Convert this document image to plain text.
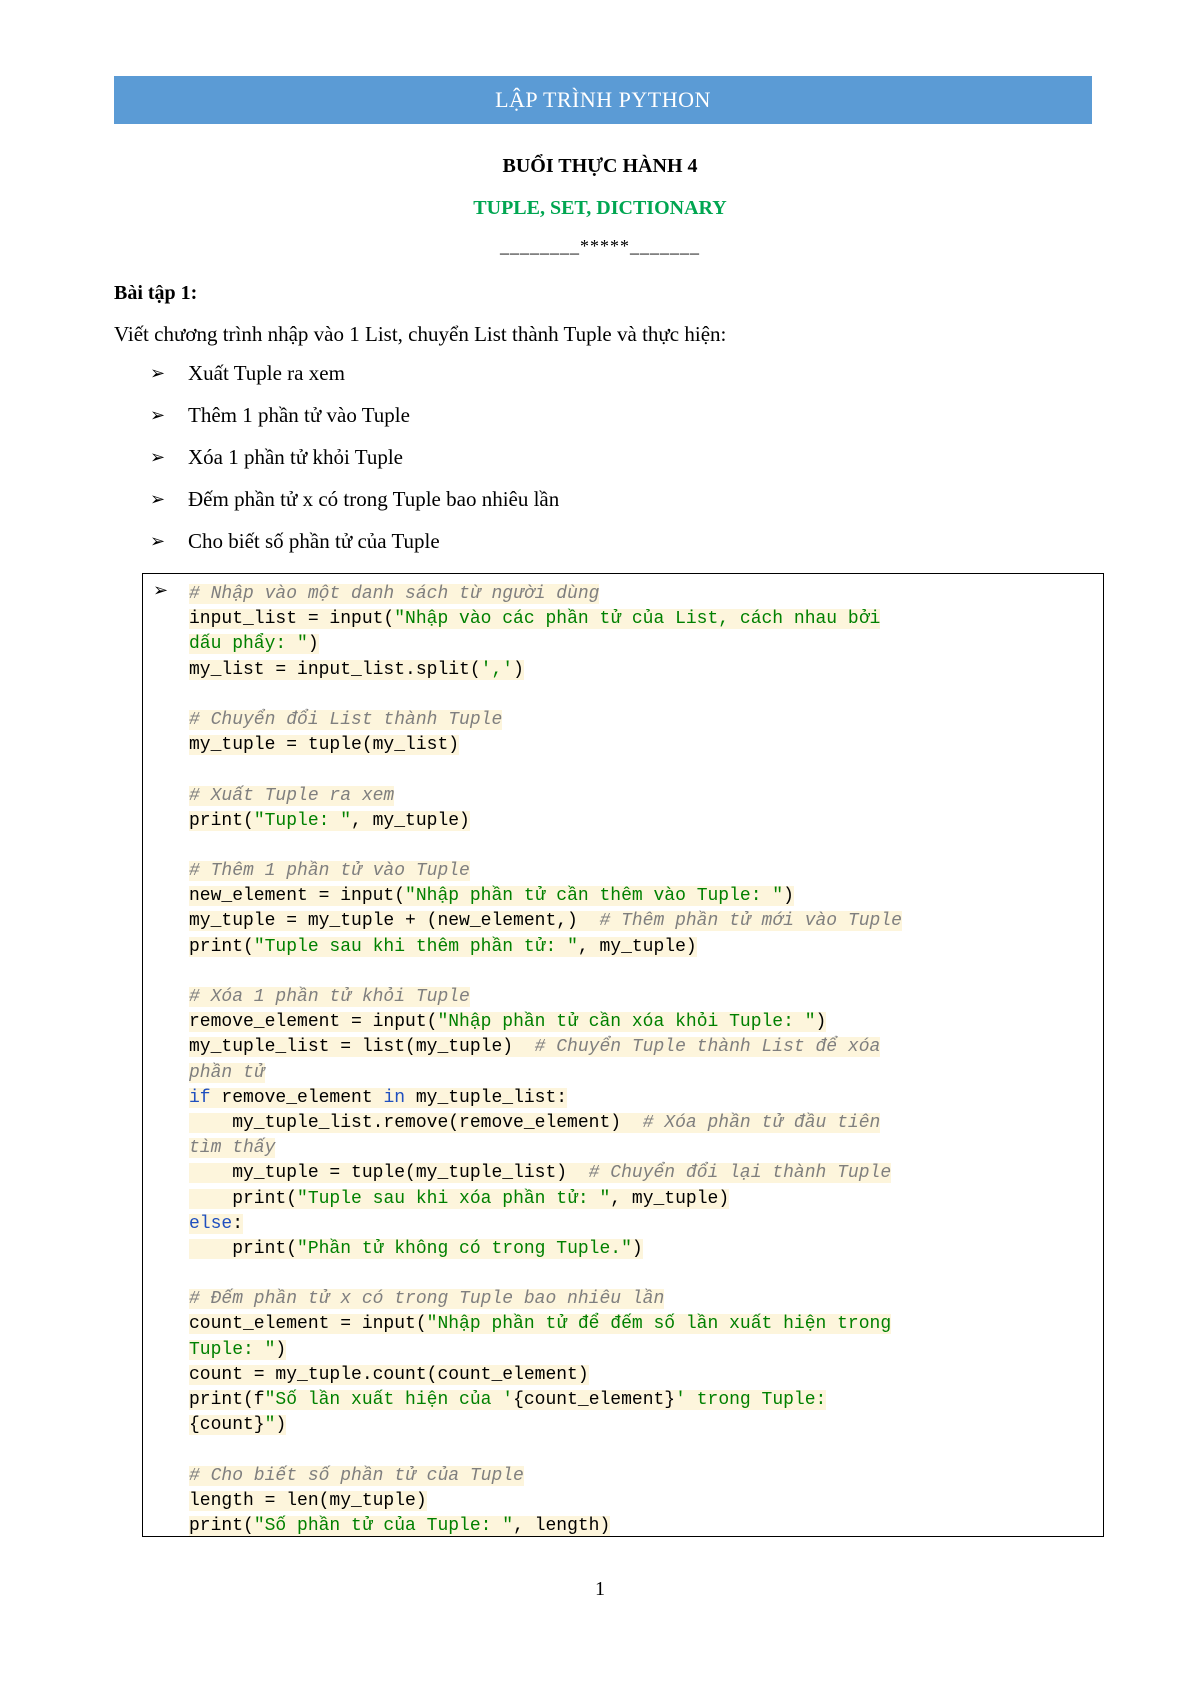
LẬP TRÌNH PYTHON
BUỔI THỰC HÀNH 4
TUPLE, SET, DICTIONARY
________*****_______
Bài tập 1:
Viết chương trình nhập vào 1 List, chuyển List thành Tuple và thực hiện:
➢	Xuất Tuple ra xem
➢	Thêm 1 phần tử vào Tuple
➢	Xóa 1 phần tử khỏi Tuple
➢	Đếm phần tử x có trong Tuple bao nhiêu lần
➢	Cho biết số phần tử của Tuple
➢ # Nhập vào một danh sách từ người dùng
input_list = input("Nhập vào các phần tử của List, cách nhau bởi
dấu phẩy: ")
my_list = input_list.split(',')
# Chuyển đổi List thành Tuple
my_tuple = tuple(my_list)
# Xuất Tuple ra xem
print("Tuple: ", my_tuple)
# Thêm 1 phần tử vào Tuple
new_element = input("Nhập phần tử cần thêm vào Tuple: ")
my_tuple = my_tuple + (new_element,)  # Thêm phần tử mới vào Tuple
print("Tuple sau khi thêm phần tử: ", my_tuple)
# Xóa 1 phần tử khỏi Tuple
remove_element = input("Nhập phần tử cần xóa khỏi Tuple: ")
my_tuple_list = list(my_tuple)  # Chuyển Tuple thành List để xóa
phần tử
if remove_element in my_tuple_list:
my_tuple_list.remove(remove_element)  # Xóa phần tử đầu tiên
tìm thấy
my_tuple = tuple(my_tuple_list)  # Chuyển đổi lại thành Tuple
print("Tuple sau khi xóa phần tử: ", my_tuple)
else:
print("Phần tử không có trong Tuple.")
# Đếm phần tử x có trong Tuple bao nhiêu lần
count_element = input("Nhập phần tử để đếm số lần xuất hiện trong
Tuple: ")
count = my_tuple.count(count_element)
print(f"Số lần xuất hiện của '{count_element}' trong Tuple:
{count}")
# Cho biết số phần tử của Tuple
length = len(my_tuple)
print("Số phần tử của Tuple: ", length)
1
